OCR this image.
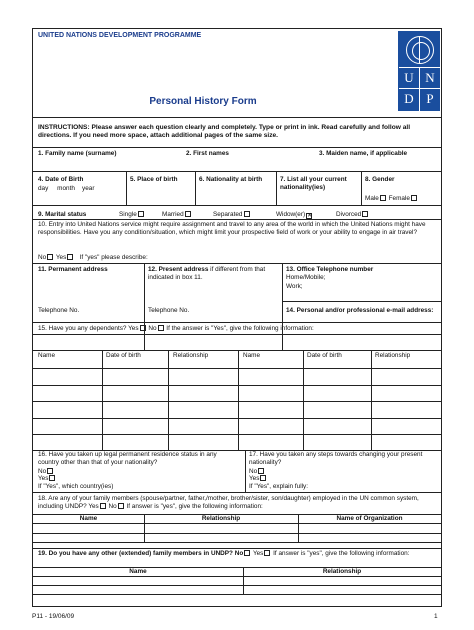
UNITED NATIONS DEVELOPMENT PROGRAMME
Personal History Form
U N
D P
INSTRUCTIONS: Please answer each question clearly and completely. Type or print in ink. Read carefully and follow all directions. If you need more space, attach additional pages of the same size.
1. Family name (surname)	2. First names	3. Maiden name, if applicable
4. Date of Birth
day     month    year
5. Place of birth	6. Nationality at birth	7. List all your current nationality(ies)
8. Gender
Male Female
9. Marital status	Single	Married	Separated	Widow(er) ✕	Divorced
10. Entry into United Nations service might require assignment and travel to any area of the world in which the United Nations might have responsibilities. Have you any condition/situation, which might limit your prospective field of work or your ability to engage in air travel?
No Yes If "yes" please describe:
11. Permanent address
Telephone No.
12. Present address if different from that indicated in box 11.
Telephone No.
13. Office Telephone number
Home/Mobile;
Work;
14. Personal and/or professional e-mail address:
15. Have you any dependents? Yes No If the answer is "Yes", give the following information:
Name	Date of birth	Relationship	Name	Date of birth	Relationship
16. Have you taken up legal permanent residence status in any country other than that of your nationality?
No
Yes
If "Yes", which country(ies)
17. Have you taken any steps towards changing your present nationality?
No
Yes
If "Yes", explain fully:
18. Are any of your family members (spouse/partner, father,/mother, brother/sister, son/daughter) employed in the UN common system, including UNDP? Yes No If answer is "yes", give the following information:
Name	Relationship	Name of Organization
19. Do you have any other (extended) family members in UNDP? No Yes If answer is "yes", give the following information:
Name	Relationship
P11 - 19/06/09	1
